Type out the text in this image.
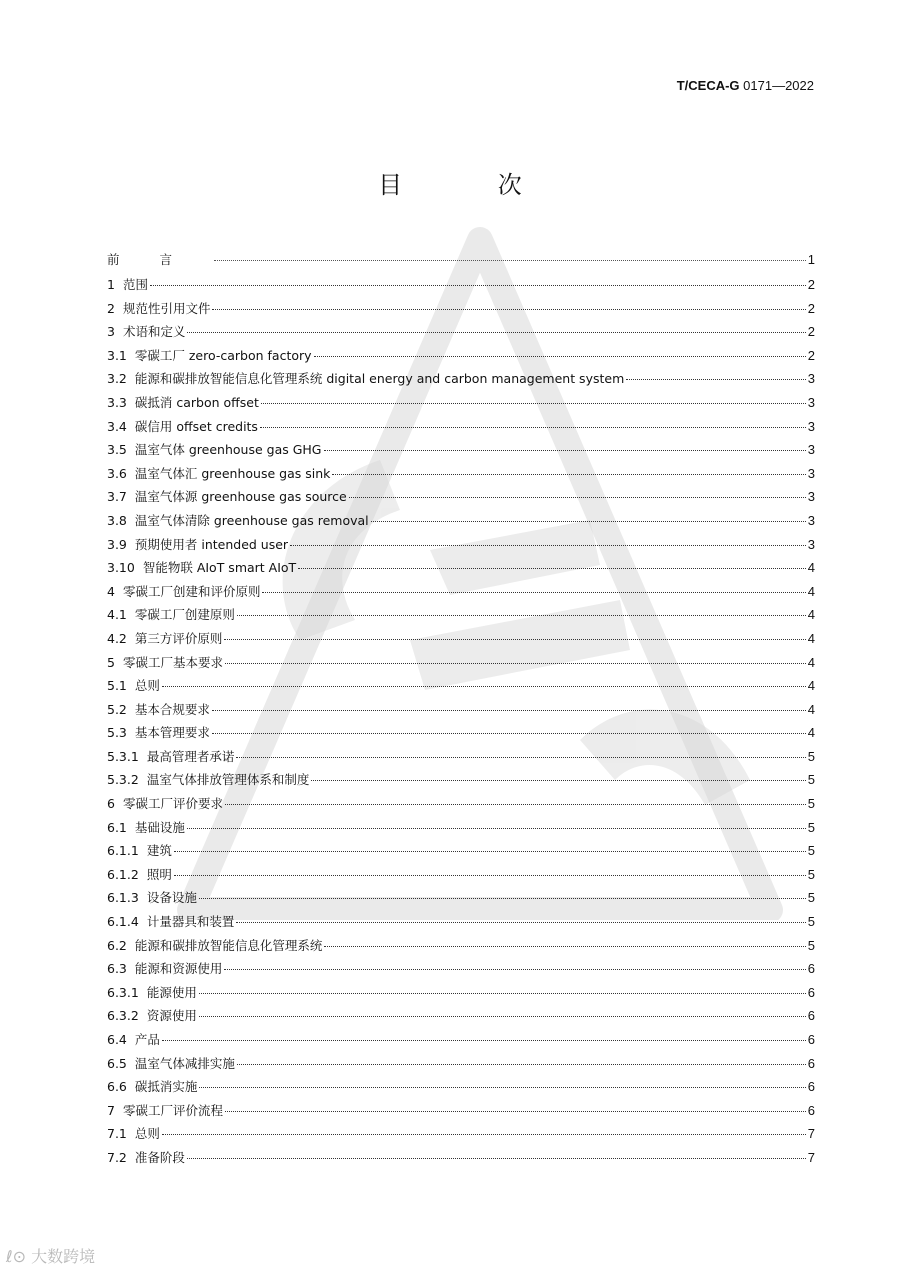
T/CECA-G 0171—2022
目 次
前言	1
1 范围	2
2 规范性引用文件	2
3 术语和定义	2
3.1 零碳工厂 zero-carbon factory	2
3.2 能源和碳排放智能信息化管理系统 digital energy and carbon management system	3
3.3 碳抵消 carbon offset	3
3.4 碳信用 offset credits	3
3.5 温室气体 greenhouse gas GHG	3
3.6 温室气体汇 greenhouse gas sink	3
3.7 温室气体源 greenhouse gas source	3
3.8 温室气体清除 greenhouse gas removal	3
3.9 预期使用者 intended user	3
3.10 智能物联 AIoT smart AIoT	4
4 零碳工厂创建和评价原则	4
4.1 零碳工厂创建原则	4
4.2 第三方评价原则	4
5 零碳工厂基本要求	4
5.1 总则	4
5.2 基本合规要求	4
5.3 基本管理要求	4
5.3.1 最高管理者承诺	5
5.3.2 温室气体排放管理体系和制度	5
6 零碳工厂评价要求	5
6.1 基础设施	5
6.1.1 建筑	5
6.1.2 照明	5
6.1.3 设备设施	5
6.1.4 计量器具和装置	5
6.2 能源和碳排放智能信息化管理系统	5
6.3 能源和资源使用	6
6.3.1 能源使用	6
6.3.2 资源使用	6
6.4 产品	6
6.5 温室气体减排实施	6
6.6 碳抵消实施	6
7 零碳工厂评价流程	6
7.1 总则	7
7.2 准备阶段	7
ℓ⊙ 大数跨境
